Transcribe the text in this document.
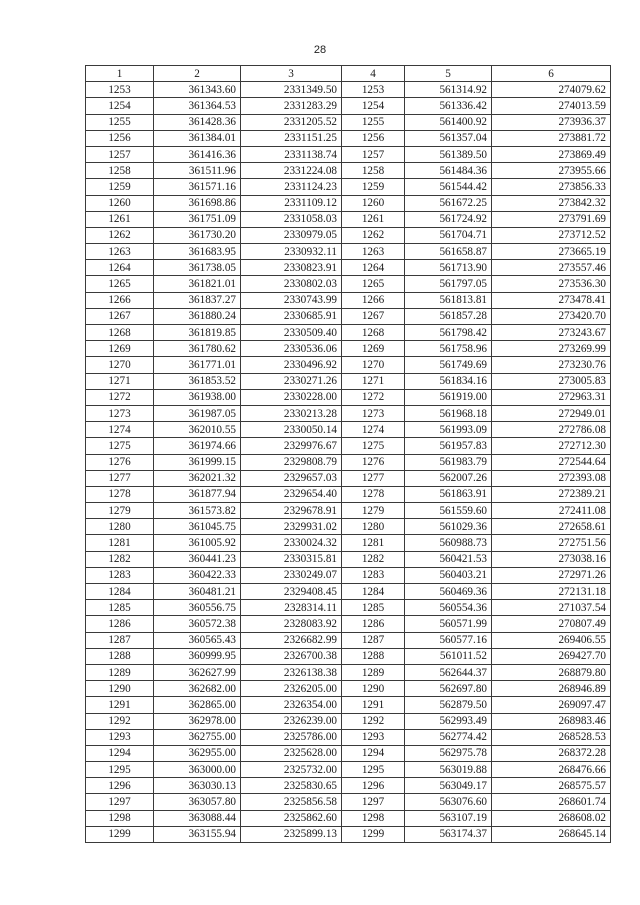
28
1	2	3	4	5	6
1253	361343.60	2331349.50	1253	561314.92	274079.62
1254	361364.53	2331283.29	1254	561336.42	274013.59
1255	361428.36	2331205.52	1255	561400.92	273936.37
1256	361384.01	2331151.25	1256	561357.04	273881.72
1257	361416.36	2331138.74	1257	561389.50	273869.49
1258	361511.96	2331224.08	1258	561484.36	273955.66
1259	361571.16	2331124.23	1259	561544.42	273856.33
1260	361698.86	2331109.12	1260	561672.25	273842.32
1261	361751.09	2331058.03	1261	561724.92	273791.69
1262	361730.20	2330979.05	1262	561704.71	273712.52
1263	361683.95	2330932.11	1263	561658.87	273665.19
1264	361738.05	2330823.91	1264	561713.90	273557.46
1265	361821.01	2330802.03	1265	561797.05	273536.30
1266	361837.27	2330743.99	1266	561813.81	273478.41
1267	361880.24	2330685.91	1267	561857.28	273420.70
1268	361819.85	2330509.40	1268	561798.42	273243.67
1269	361780.62	2330536.06	1269	561758.96	273269.99
1270	361771.01	2330496.92	1270	561749.69	273230.76
1271	361853.52	2330271.26	1271	561834.16	273005.83
1272	361938.00	2330228.00	1272	561919.00	272963.31
1273	361987.05	2330213.28	1273	561968.18	272949.01
1274	362010.55	2330050.14	1274	561993.09	272786.08
1275	361974.66	2329976.67	1275	561957.83	272712.30
1276	361999.15	2329808.79	1276	561983.79	272544.64
1277	362021.32	2329657.03	1277	562007.26	272393.08
1278	361877.94	2329654.40	1278	561863.91	272389.21
1279	361573.82	2329678.91	1279	561559.60	272411.08
1280	361045.75	2329931.02	1280	561029.36	272658.61
1281	361005.92	2330024.32	1281	560988.73	272751.56
1282	360441.23	2330315.81	1282	560421.53	273038.16
1283	360422.33	2330249.07	1283	560403.21	272971.26
1284	360481.21	2329408.45	1284	560469.36	272131.18
1285	360556.75	2328314.11	1285	560554.36	271037.54
1286	360572.38	2328083.92	1286	560571.99	270807.49
1287	360565.43	2326682.99	1287	560577.16	269406.55
1288	360999.95	2326700.38	1288	561011.52	269427.70
1289	362627.99	2326138.38	1289	562644.37	268879.80
1290	362682.00	2326205.00	1290	562697.80	268946.89
1291	362865.00	2326354.00	1291	562879.50	269097.47
1292	362978.00	2326239.00	1292	562993.49	268983.46
1293	362755.00	2325786.00	1293	562774.42	268528.53
1294	362955.00	2325628.00	1294	562975.78	268372.28
1295	363000.00	2325732.00	1295	563019.88	268476.66
1296	363030.13	2325830.65	1296	563049.17	268575.57
1297	363057.80	2325856.58	1297	563076.60	268601.74
1298	363088.44	2325862.60	1298	563107.19	268608.02
1299	363155.94	2325899.13	1299	563174.37	268645.14
